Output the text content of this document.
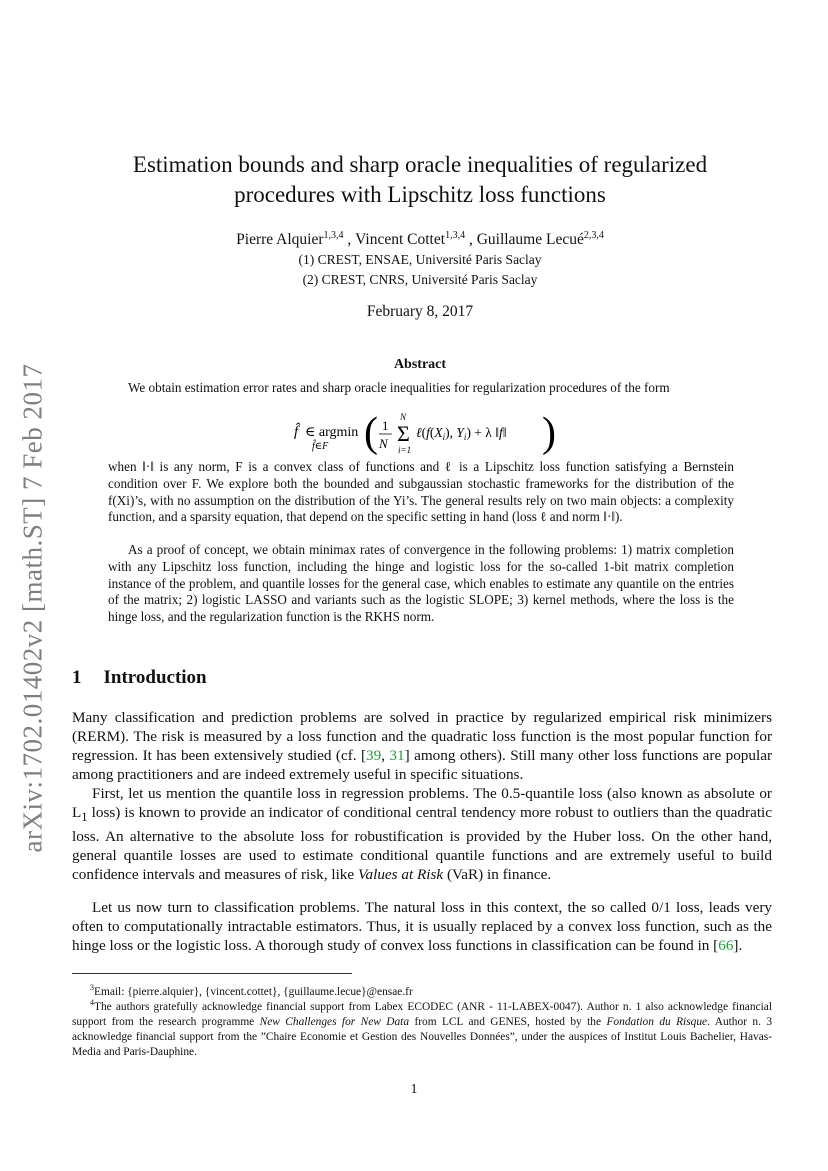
arXiv:1702.01402v2 [math.ST] 7 Feb 2017
Estimation bounds and sharp oracle inequalities of regularized
procedures with Lipschitz loss functions
Pierre Alquier$^{1,3,4}$ , Vincent Cottet$^{1,3,4}$ , Guillaume Lecué$^{2,3,4}$
(1) CREST, ENSAE, Université Paris Saclay
(2) CREST, CNRS, Université Paris Saclay
February 8, 2017
Abstract
We obtain estimation error rates and sharp oracle inequalities for regularization procedures of the form
f̂ ∈ argmin
f̂∈F ( 1
N Σ
N
i=1
$\ell(f(X_i)$, $Y_i) + \lambda$ ‖f‖ )
when ‖·‖ is any norm, F is a convex class of functions and ℓ is a Lipschitz loss function satisfying a Bernstein condition over F. We explore both the bounded and subgaussian stochastic frameworks for the distribution of the f(Xi)’s, with no assumption on the distribution of the Yi’s. The general results rely on two main objects: a complexity function, and a sparsity equation, that depend on the specific setting in hand (loss ℓ and norm ‖·‖).
As a proof of concept, we obtain minimax rates of convergence in the following problems: 1) matrix completion with any Lipschitz loss function, including the hinge and logistic loss for the so-called 1-bit matrix completion instance of the problem, and quantile losses for the general case, which enables to estimate any quantile on the entries of the matrix; 2) logistic LASSO and variants such as the logistic SLOPE; 3) kernel methods, where the loss is the hinge loss, and the regularization function is the RKHS norm.
1 Introduction
Many classification and prediction problems are solved in practice by regularized empirical risk minimizers (RERM). The risk is measured by a loss function and the quadratic loss function is the most popular function for regression. It has been extensively studied (cf. [39, 31] among others). Still many other loss functions are popular among practitioners and are indeed extremely useful in specific situations.
First, let us mention the quantile loss in regression problems. The 0.5-quantile loss (also known as absolute or $L_1$ loss) is known to provide an indicator of conditional central tendency more robust to outliers than the quadratic loss. An alternative to the absolute loss for robustification is provided by the Huber loss. On the other hand, general quantile losses are used to estimate conditional quantile functions and are extremely useful to build confidence intervals and measures of risk, like Values at Risk (VaR) in finance.
Let us now turn to classification problems. The natural loss in this context, the so called 0/1 loss, leads very often to computationally intractable estimators. Thus, it is usually replaced by a convex loss function, such as the hinge loss or the logistic loss. A thorough study of convex loss functions in classification can be found in [66].
$^3$Email: {pierre.alquier}, {vincent.cottet}, {guillaume.lecue}@ensae.fr
$^4$The authors gratefully acknowledge financial support from Labex ECODEC (ANR - 11-LABEX-0047). Author n. 1 also acknowledge financial support from the research programme New Challenges for New Data from LCL and GENES, hosted by the Fondation du Risque. Author n. 3 acknowledge financial support from the ”Chaire Economie et Gestion des Nouvelles Données”, under the auspices of Institut Louis Bachelier, Havas-Media and Paris-Dauphine.
1
